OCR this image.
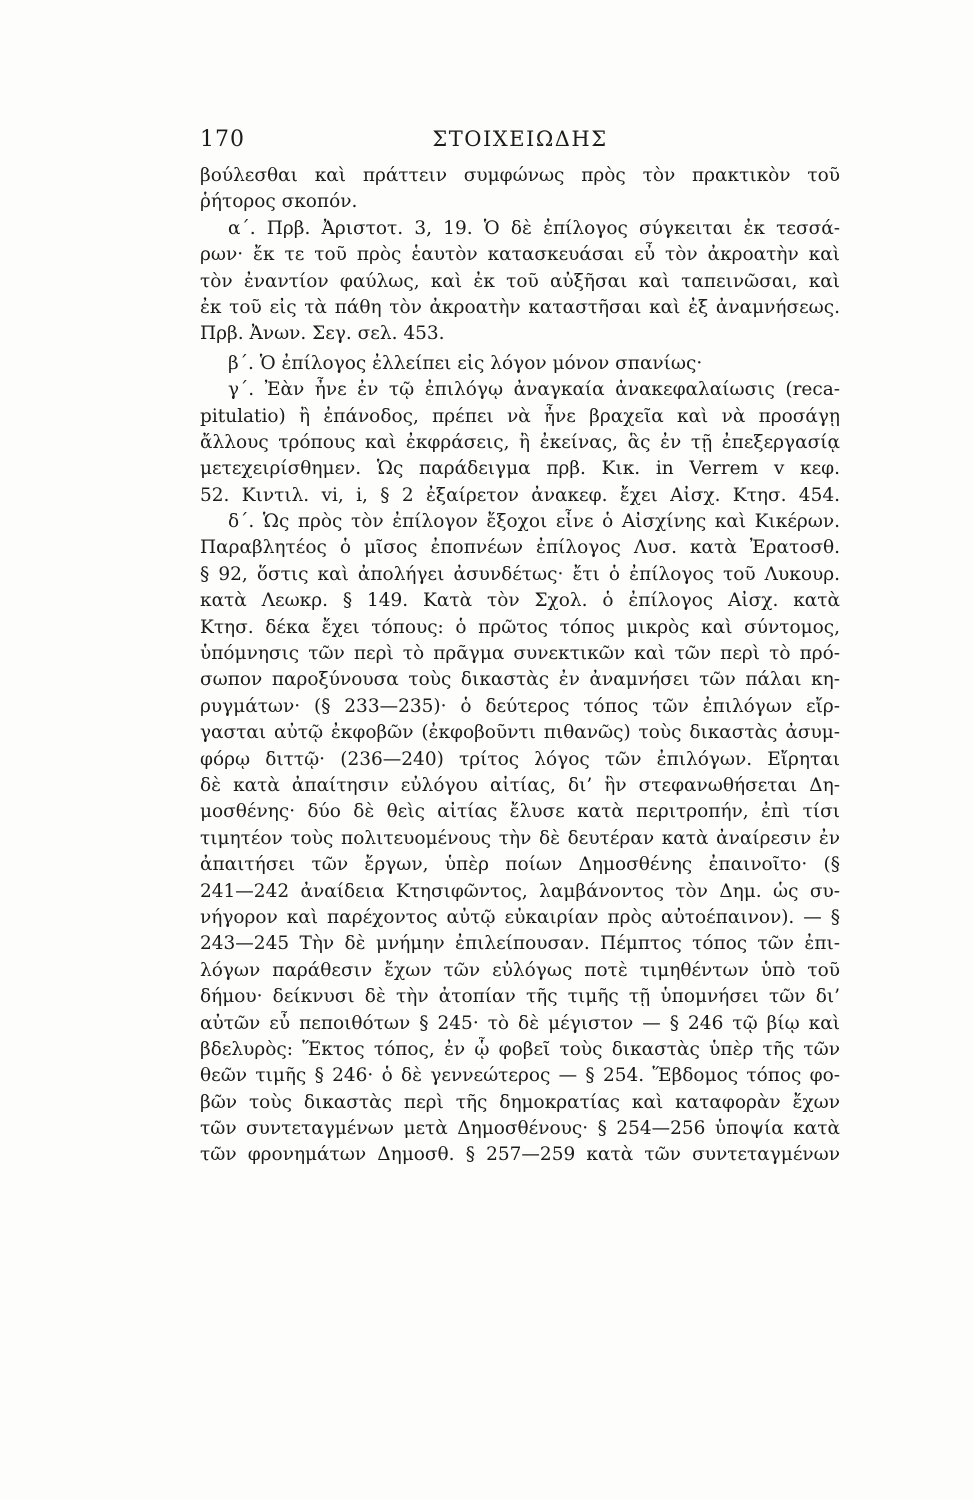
170	ΣΤΟΙΧΕΙΩΔΗΣ
βούλεσθαι καὶ πράττειν συμφώνως πρὸς τὸν πρακτικὸν τοῦ
ῥήτορος σκοπόν.
α΄. Πρβ. Ἀριστοτ. 3, 19. Ὁ δὲ ἐπίλογος σύγκειται ἐκ τεσσά-
ρων· ἔκ τε τοῦ πρὸς ἑαυτὸν κατασκευάσαι εὖ τὸν ἀκροατὴν καὶ
τὸν ἐναντίον φαύλως, καὶ ἐκ τοῦ αὐξῆσαι καὶ ταπεινῶσαι, καὶ
ἐκ τοῦ εἰς τὰ πάθη τὸν ἀκροατὴν καταστῆσαι καὶ ἐξ ἀναμνήσεως.
Πρβ. Ἀνων. Σεγ. σελ. 453.
β΄. Ὁ ἐπίλογος ἐλλείπει εἰς λόγον μόνον σπανίως·
γ΄. Ἐὰν ἦνε ἐν τῷ ἐπιλόγῳ ἀναγκαία ἀνακεφαλαίωσις (reca-
pitulatio) ἢ ἐπάνοδος, πρέπει νὰ ἦνε βραχεῖα καὶ νὰ προσάγῃ
ἄλλους τρόπους καὶ ἐκφράσεις, ἢ ἐκείνας, ἃς ἐν τῇ ἐπεξεργασίᾳ
μετεχειρίσθημεν. Ὡς παράδειγμα πρβ. Κικ. in Verrem v κεφ.
52. Κιντιλ. vi, i, § 2 ἐξαίρετον ἀνακεφ. ἔχει Αἰσχ. Κτησ. 454.
δ΄. Ὡς πρὸς τὸν ἐπίλογον ἔξοχοι εἶνε ὁ Αἰσχίνης καὶ Κικέρων.
Παραβλητέος ὁ μῖσος ἐποπνέων ἐπίλογος Λυσ. κατὰ Ἐρατοσθ.
§ 92, ὅστις καὶ ἀπολήγει ἀσυνδέτως· ἔτι ὁ ἐπίλογος τοῦ Λυκουρ.
κατὰ Λεωκρ. § 149. Κατὰ τὸν Σχολ. ὁ ἐπίλογος Αἰσχ. κατὰ
Κτησ. δέκα ἔχει τόπους: ὁ πρῶτος τόπος μικρὸς καὶ σύντομος,
ὑπόμνησις τῶν περὶ τὸ πρᾶγμα συνεκτικῶν καὶ τῶν περὶ τὸ πρό-
σωπον παροξύνουσα τοὺς δικαστὰς ἐν ἀναμνήσει τῶν πάλαι κη-
ρυγμάτων· (§ 233—235)· ὁ δεύτερος τόπος τῶν ἐπιλόγων εἴρ-
γασται αὐτῷ ἐκφοβῶν (ἐκφοβοῦντι πιθανῶς) τοὺς δικαστὰς ἀσυμ-
φόρῳ διττῷ· (236—240) τρίτος λόγος τῶν ἐπιλόγων. Εἴρηται
δὲ κατὰ ἀπαίτησιν εὐλόγου αἰτίας, δι’ ἣν στεφανωθήσεται Δη-
μοσθένης· δύο δὲ θεὶς αἰτίας ἔλυσε κατὰ περιτροπήν, ἐπὶ τίσι
τιμητέον τοὺς πολιτευομένους τὴν δὲ δευτέραν κατὰ ἀναίρεσιν ἐν
ἀπαιτήσει τῶν ἔργων, ὑπὲρ ποίων Δημοσθένης ἐπαινοῖτο· (§
241—242 ἀναίδεια Κτησιφῶντος, λαμβάνοντος τὸν Δημ. ὡς συ-
νήγορον καὶ παρέχοντος αὐτῷ εὐκαιρίαν πρὸς αὐτοέπαινον). — §
243—245 Τὴν δὲ μνήμην ἐπιλείπουσαν. Πέμπτος τόπος τῶν ἐπι-
λόγων παράθεσιν ἔχων τῶν εὐλόγως ποτὲ τιμηθέντων ὑπὸ τοῦ
δήμου· δείκνυσι δὲ τὴν ἀτοπίαν τῆς τιμῆς τῇ ὑπομνήσει τῶν δι’
αὐτῶν εὖ πεποιθότων § 245· τὸ δὲ μέγιστον — § 246 τῷ βίῳ καὶ
βδελυρὸς: Ἕκτος τόπος, ἐν ᾧ φοβεῖ τοὺς δικαστὰς ὑπὲρ τῆς τῶν
θεῶν τιμῆς § 246· ὁ δὲ γεννεώτερος — § 254. Ἕβδομος τόπος φο-
βῶν τοὺς δικαστὰς περὶ τῆς δημοκρατίας καὶ καταφορὰν ἔχων
τῶν συντεταγμένων μετὰ Δημοσθένους· § 254—256 ὑποψία κατὰ
τῶν φρονημάτων Δημοσθ. § 257—259 κατὰ τῶν συντεταγμένων
